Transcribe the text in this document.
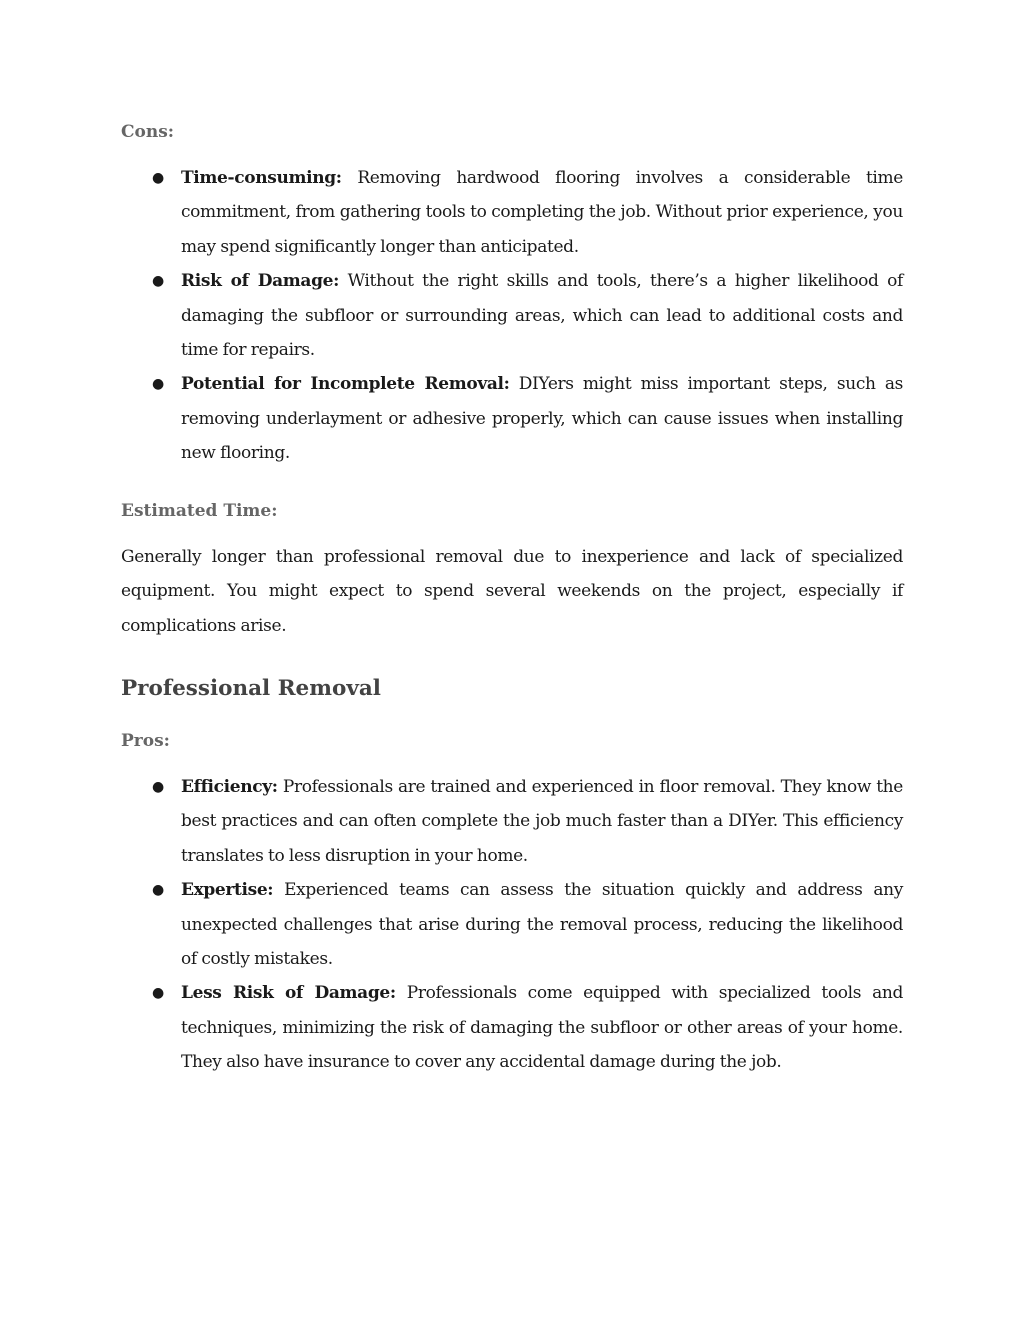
Cons:
● Time-consuming: Removing hardwood flooring involves a considerable time commitment, from gathering tools to completing the job. Without prior experience, you may spend significantly longer than anticipated.
● Risk of Damage: Without the right skills and tools, there’s a higher likelihood of damaging the subfloor or surrounding areas, which can lead to additional costs and time for repairs.
● Potential for Incomplete Removal: DIYers might miss important steps, such as removing underlayment or adhesive properly, which can cause issues when installing new flooring.
Estimated Time:

Generally longer than professional removal due to inexperience and lack of specialized equipment. You might expect to spend several weekends on the project, especially if complications arise.

Professional Removal
Pros:
● Efficiency: Professionals are trained and experienced in floor removal. They know the best practices and can often complete the job much faster than a DIYer. This efficiency translates to less disruption in your home.
● Expertise: Experienced teams can assess the situation quickly and address any unexpected challenges that arise during the removal process, reducing the likelihood of costly mistakes.
● Less Risk of Damage: Professionals come equipped with specialized tools and techniques, minimizing the risk of damaging the subfloor or other areas of your home. They also have insurance to cover any accidental damage during the job.
